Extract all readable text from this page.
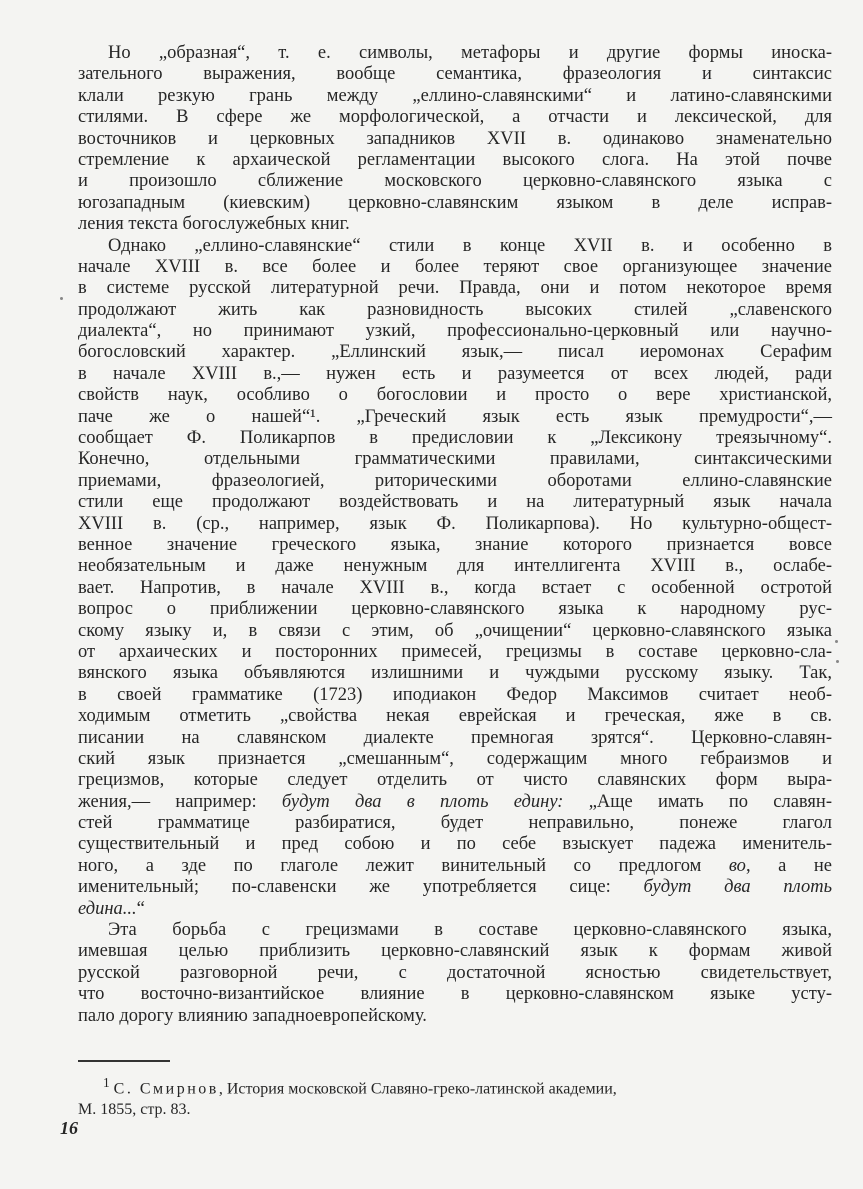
Но „образная“, т. е. символы, метафоры и другие формы иноска-
зательного выражения, вообще семантика, фразеология и синтаксис
клали резкую грань между „еллино-славянскими“ и латино-славянскими
стилями. В сфере же морфологической, а отчасти и лексической, для
восточников и церковных западников XVII в. одинаково знаменательно
стремление к архаической регламентации высокого слога. На этой почве
и произошло сближение московского церковно-славянского языка с
югозападным (киевским) церковно-славянским языком в деле исправ-
ления текста богослужебных книг.
Однако „еллино-славянские“ стили в конце XVII в. и особенно в
начале XVIII в. все более и более теряют свое организующее значение
в системе русской литературной речи. Правда, они и потом некоторое время
продолжают жить как разновидность высоких стилей „славенского
диалекта“, но принимают узкий, профессионально-церковный или научно-
богословский характер. „Еллинский язык,— писал иеромонах Серафим
в начале XVIII в.,— нужен есть и разумеется от всех людей, ради
свойств наук, особливо о богословии и просто о вере христианской,
паче же о нашей“¹. „Греческий язык есть язык премудрости“,—
сообщает Ф. Поликарпов в предисловии к „Лексикону треязычному“.
Конечно, отдельными грамматическими правилами, синтаксическими
приемами, фразеологией, риторическими оборотами еллино-славянские
стили еще продолжают воздействовать и на литературный язык начала
XVIII в. (ср., например, язык Ф. Поликарпова). Но культурно-общест-
венное значение греческого языка, знание которого признается вовсе
необязательным и даже ненужным для интеллигента XVIII в., ослабе-
вает. Напротив, в начале XVIII в., когда встает с особенной остротой
вопрос о приближении церковно-славянского языка к народному рус-
скому языку и, в связи с этим, об „очищении“ церковно-славянского языка
от архаических и посторонних примесей, грецизмы в составе церковно-сла-
вянского языка объявляются излишними и чуждыми русскому языку. Так,
в своей грамматике (1723) иподиакон Федор Максимов считает необ-
ходимым отметить „свойства некая еврейская и греческая, яже в св.
писании на славянском диалекте премногая зрятся“. Церковно-славян-
ский язык признается „смешанным“, содержащим много гебраизмов и
грецизмов, которые следует отделить от чисто славянских форм выра-
жения,— например: будут два в плоть едину: „Аще имать по славян-
стей грамматице разбиратися, будет неправильно, понеже глагол
существительный и пред собою и по себе взыскует падежа именитель-
ного, а зде по глаголе лежит винительный со предлогом во, а не
именительный; по-славенски же употребляется сице: будут два плоть
едина...“
Эта борьба с грецизмами в составе церковно-славянского языка,
имевшая целью приблизить церковно-славянский язык к формам живой
русской разговорной речи, с достаточной ясностью свидетельствует,
что восточно-византийское влияние в церковно-славянском языке усту-
пало дорогу влиянию западноевропейскому.
$^1$ С. Смирнов, История московской Славяно-греко-латинской академии,
М. 1855, стр. 83.
16
